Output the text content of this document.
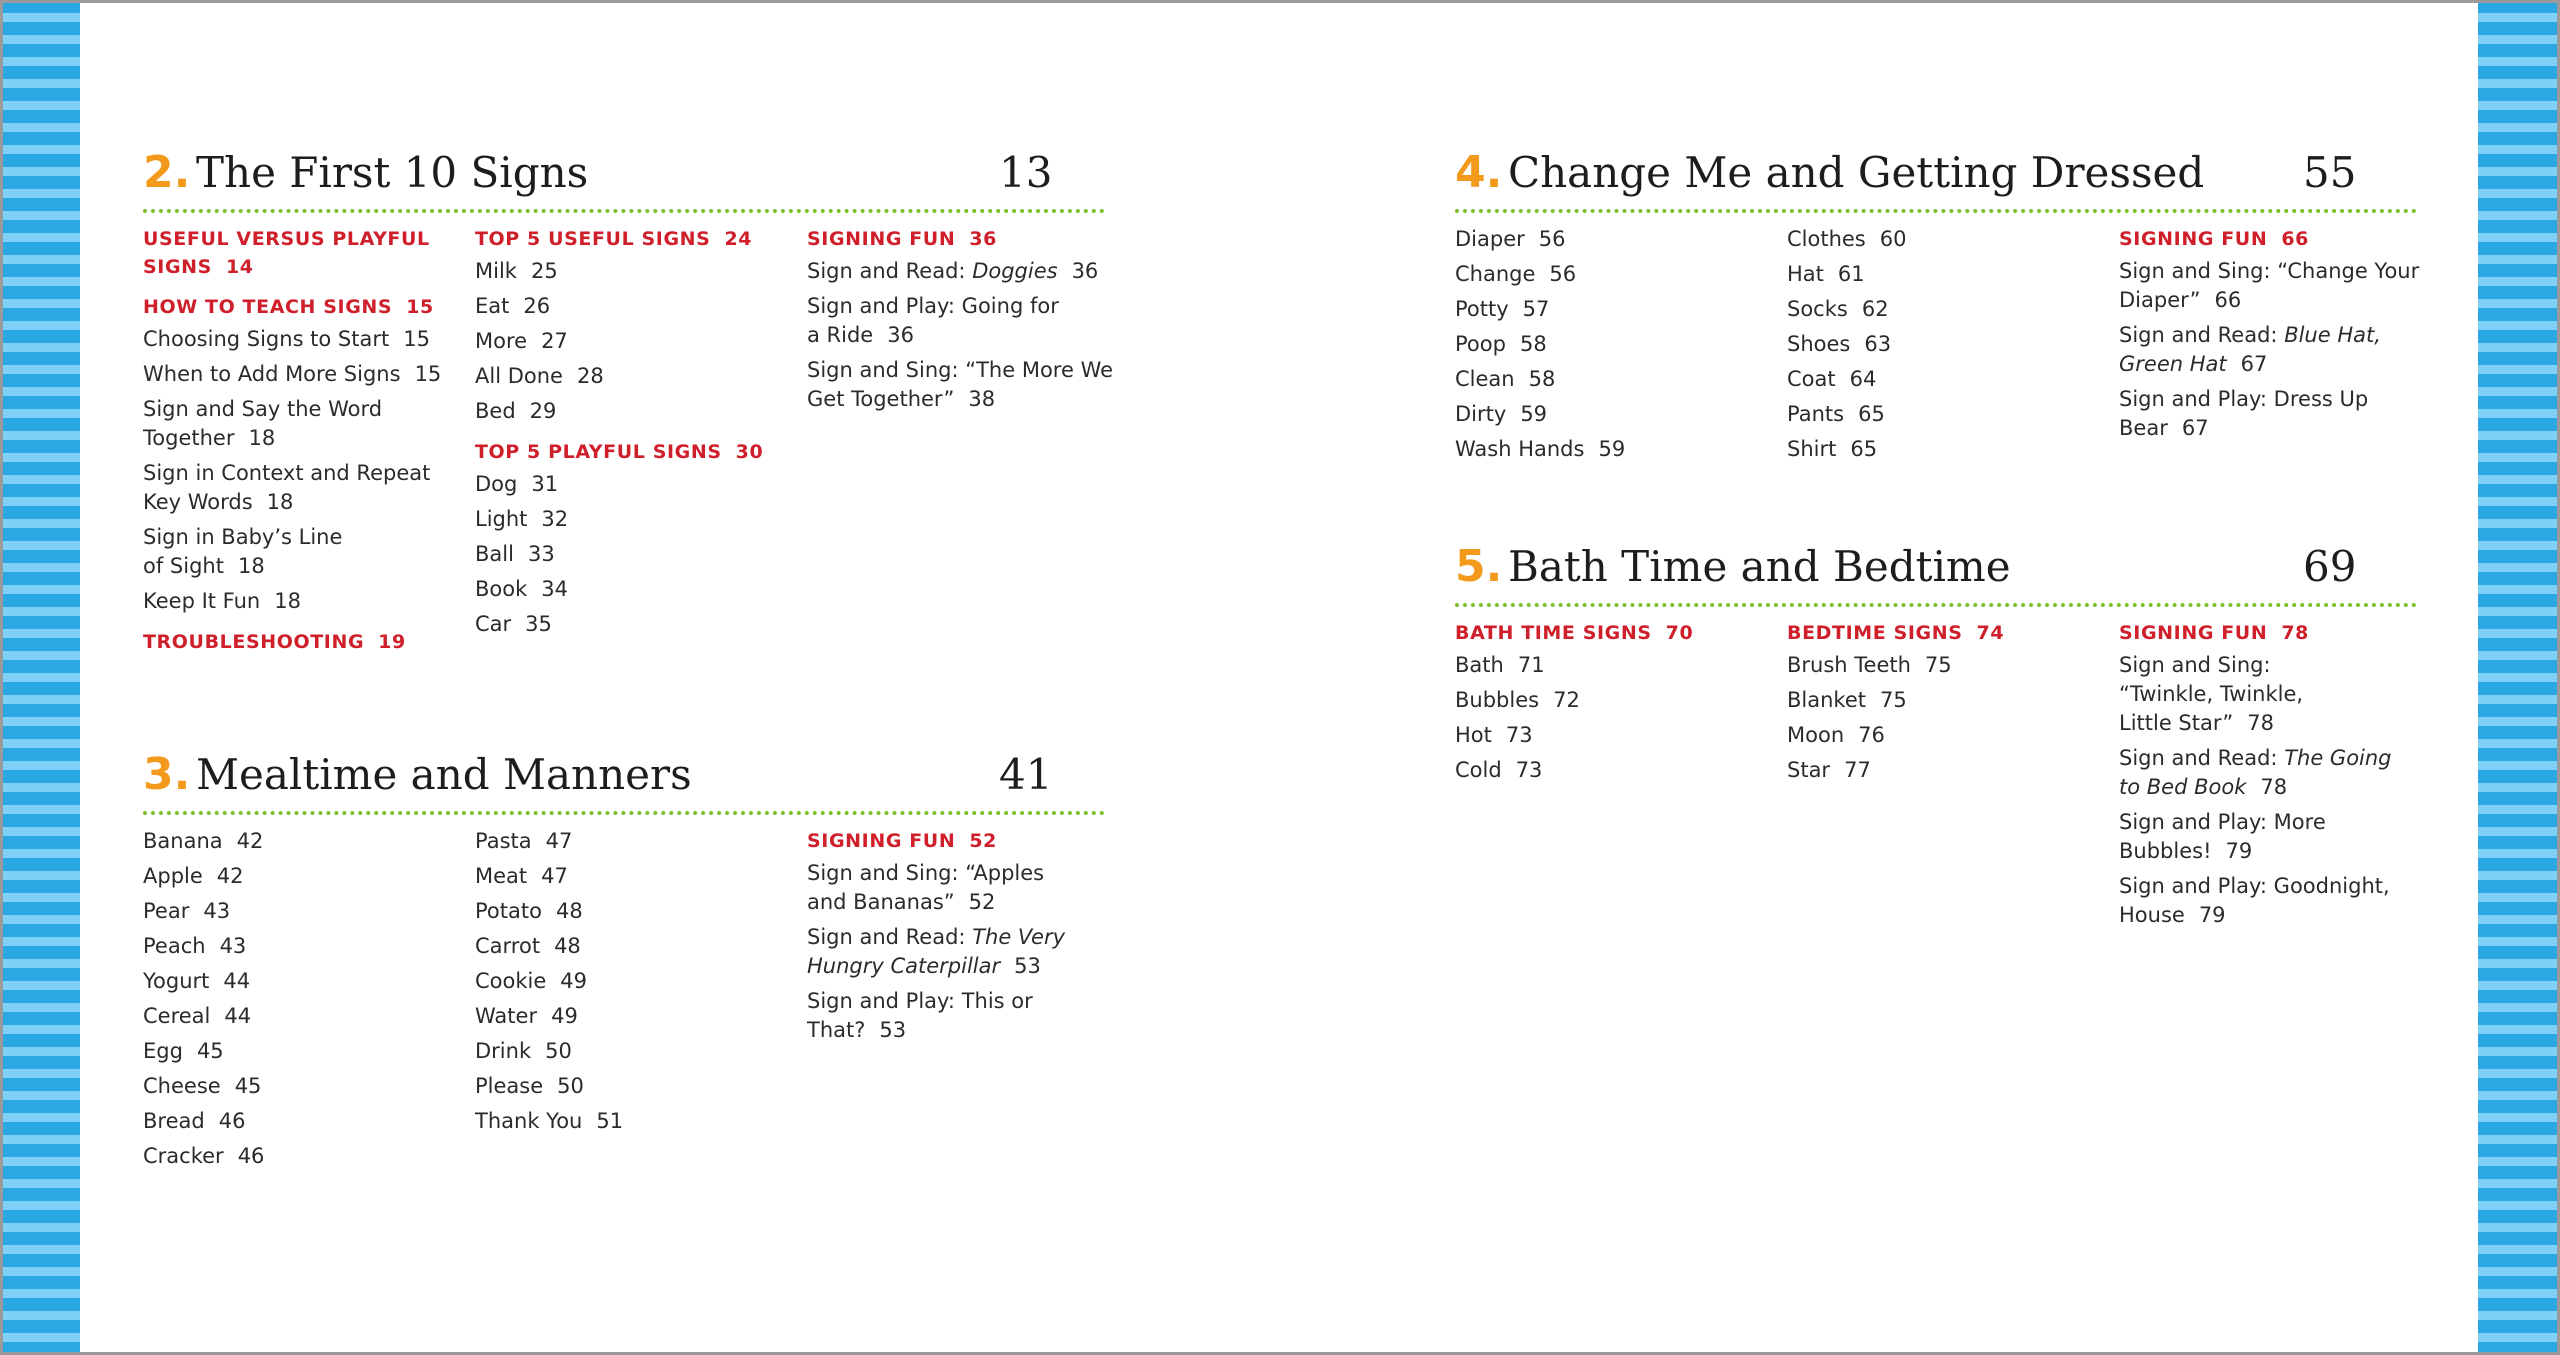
2. The First 10 Signs	13
USEFUL VERSUS PLAYFUL SIGNS 14
HOW TO TEACH SIGNS 15
Choosing Signs to Start 15
When to Add More Signs 15
Sign and Say the Word Together 18
Sign in Context and Repeat Key Words 18
Sign in Baby’s Line of Sight 18
Keep It Fun 18
TROUBLESHOOTING 19
TOP 5 USEFUL SIGNS 24
Milk 25
Eat 26
More 27
All Done 28
Bed 29
TOP 5 PLAYFUL SIGNS 30
Dog 31
Light 32
Ball 33
Book 34
Car 35
SIGNING FUN 36
Sign and Read: Doggies 36
Sign and Play: Going for a Ride 36
Sign and Sing: “The More We Get Together” 38
3. Mealtime and Manners	41
Banana 42
Apple 42
Pear 43
Peach 43
Yogurt 44
Cereal 44
Egg 45
Cheese 45
Bread 46
Cracker 46
Pasta 47
Meat 47
Potato 48
Carrot 48
Cookie 49
Water 49
Drink 50
Please 50
Thank You 51
SIGNING FUN 52
Sign and Sing: “Apples and Bananas” 52
Sign and Read: The Very Hungry Caterpillar 53
Sign and Play: This or That? 53
4. Change Me and Getting Dressed 55
Diaper 56
Change 56
Potty 57
Poop 58
Clean 58
Dirty 59
Wash Hands 59
Clothes 60
Hat 61
Socks 62
Shoes 63
Coat 64
Pants 65
Shirt 65
SIGNING FUN 66
Sign and Sing: “Change Your Diaper” 66
Sign and Read: Blue Hat, Green Hat 67
Sign and Play: Dress Up Bear 67
5. Bath Time and Bedtime	69
BATH TIME SIGNS 70
Bath 71
Bubbles 72
Hot 73
Cold 73
BEDTIME SIGNS 74
Brush Teeth 75
Blanket 75
Moon 76
Star 77
SIGNING FUN 78
Sign and Sing: “Twinkle, Twinkle, Little Star” 78
Sign and Read: The Going to Bed Book 78
Sign and Play: More Bubbles! 79
Sign and Play: Goodnight, House 79
